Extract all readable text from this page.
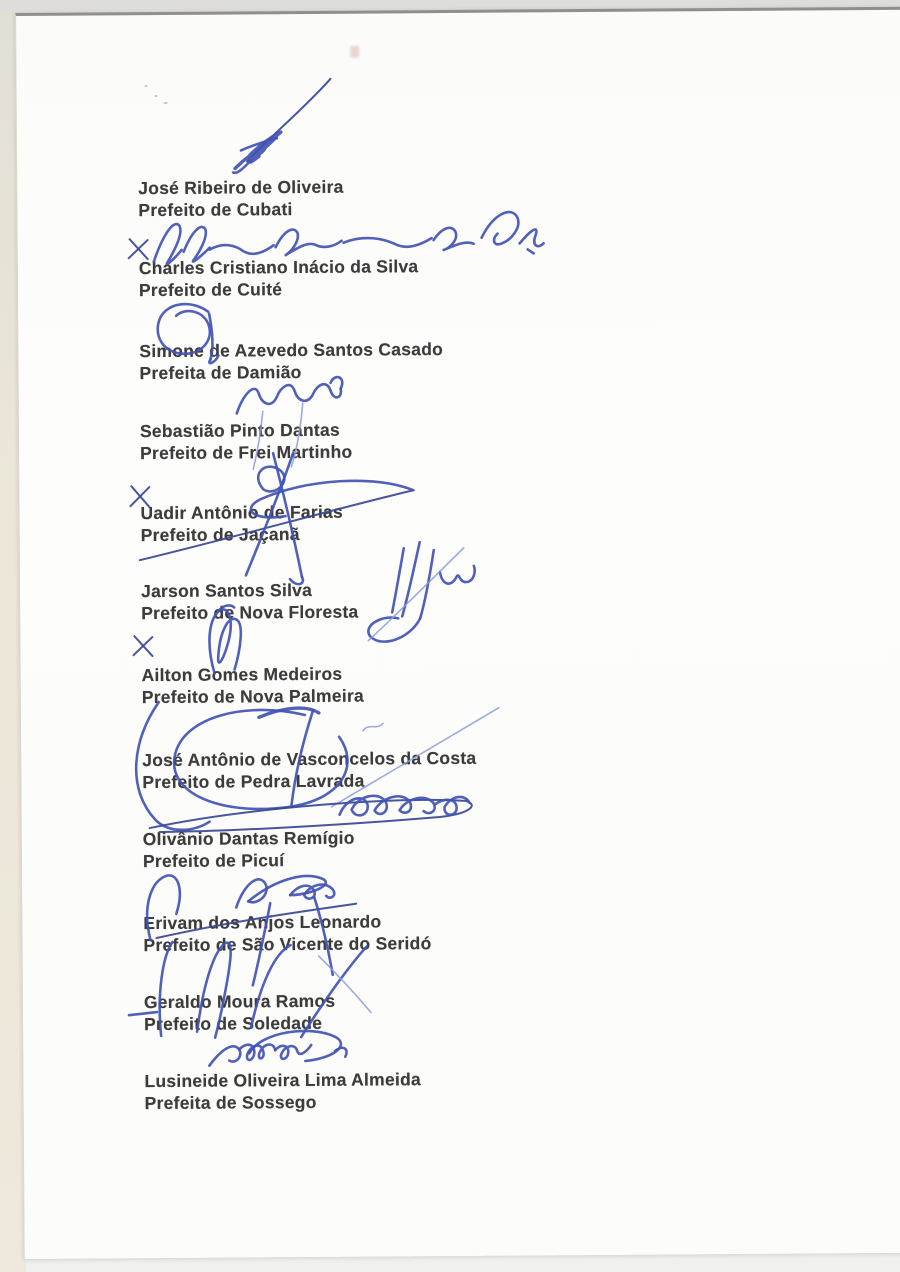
José Ribeiro de Oliveira
Prefeito de Cubati
Charles Cristiano Inácio da Silva
Prefeito de Cuité
Simone de Azevedo Santos Casado
Prefeita de Damião
Sebastião Pinto Dantas
Prefeito de Frei Martinho
Uadir Antônio de Farias
Prefeito de Jaçanã
Jarson Santos Silva
Prefeito de Nova Floresta
Ailton Gomes Medeiros
Prefeito de Nova Palmeira
José Antônio de Vasconcelos da Costa
Prefeito de Pedra Lavrada
Olivânio Dantas Remígio
Prefeito de Picuí
Erivam dos Anjos Leonardo
Prefeito de São Vicente do Seridó
Geraldo Moura Ramos
Prefeito de Soledade
Lusineide Oliveira Lima Almeida
Prefeita de Sossego
